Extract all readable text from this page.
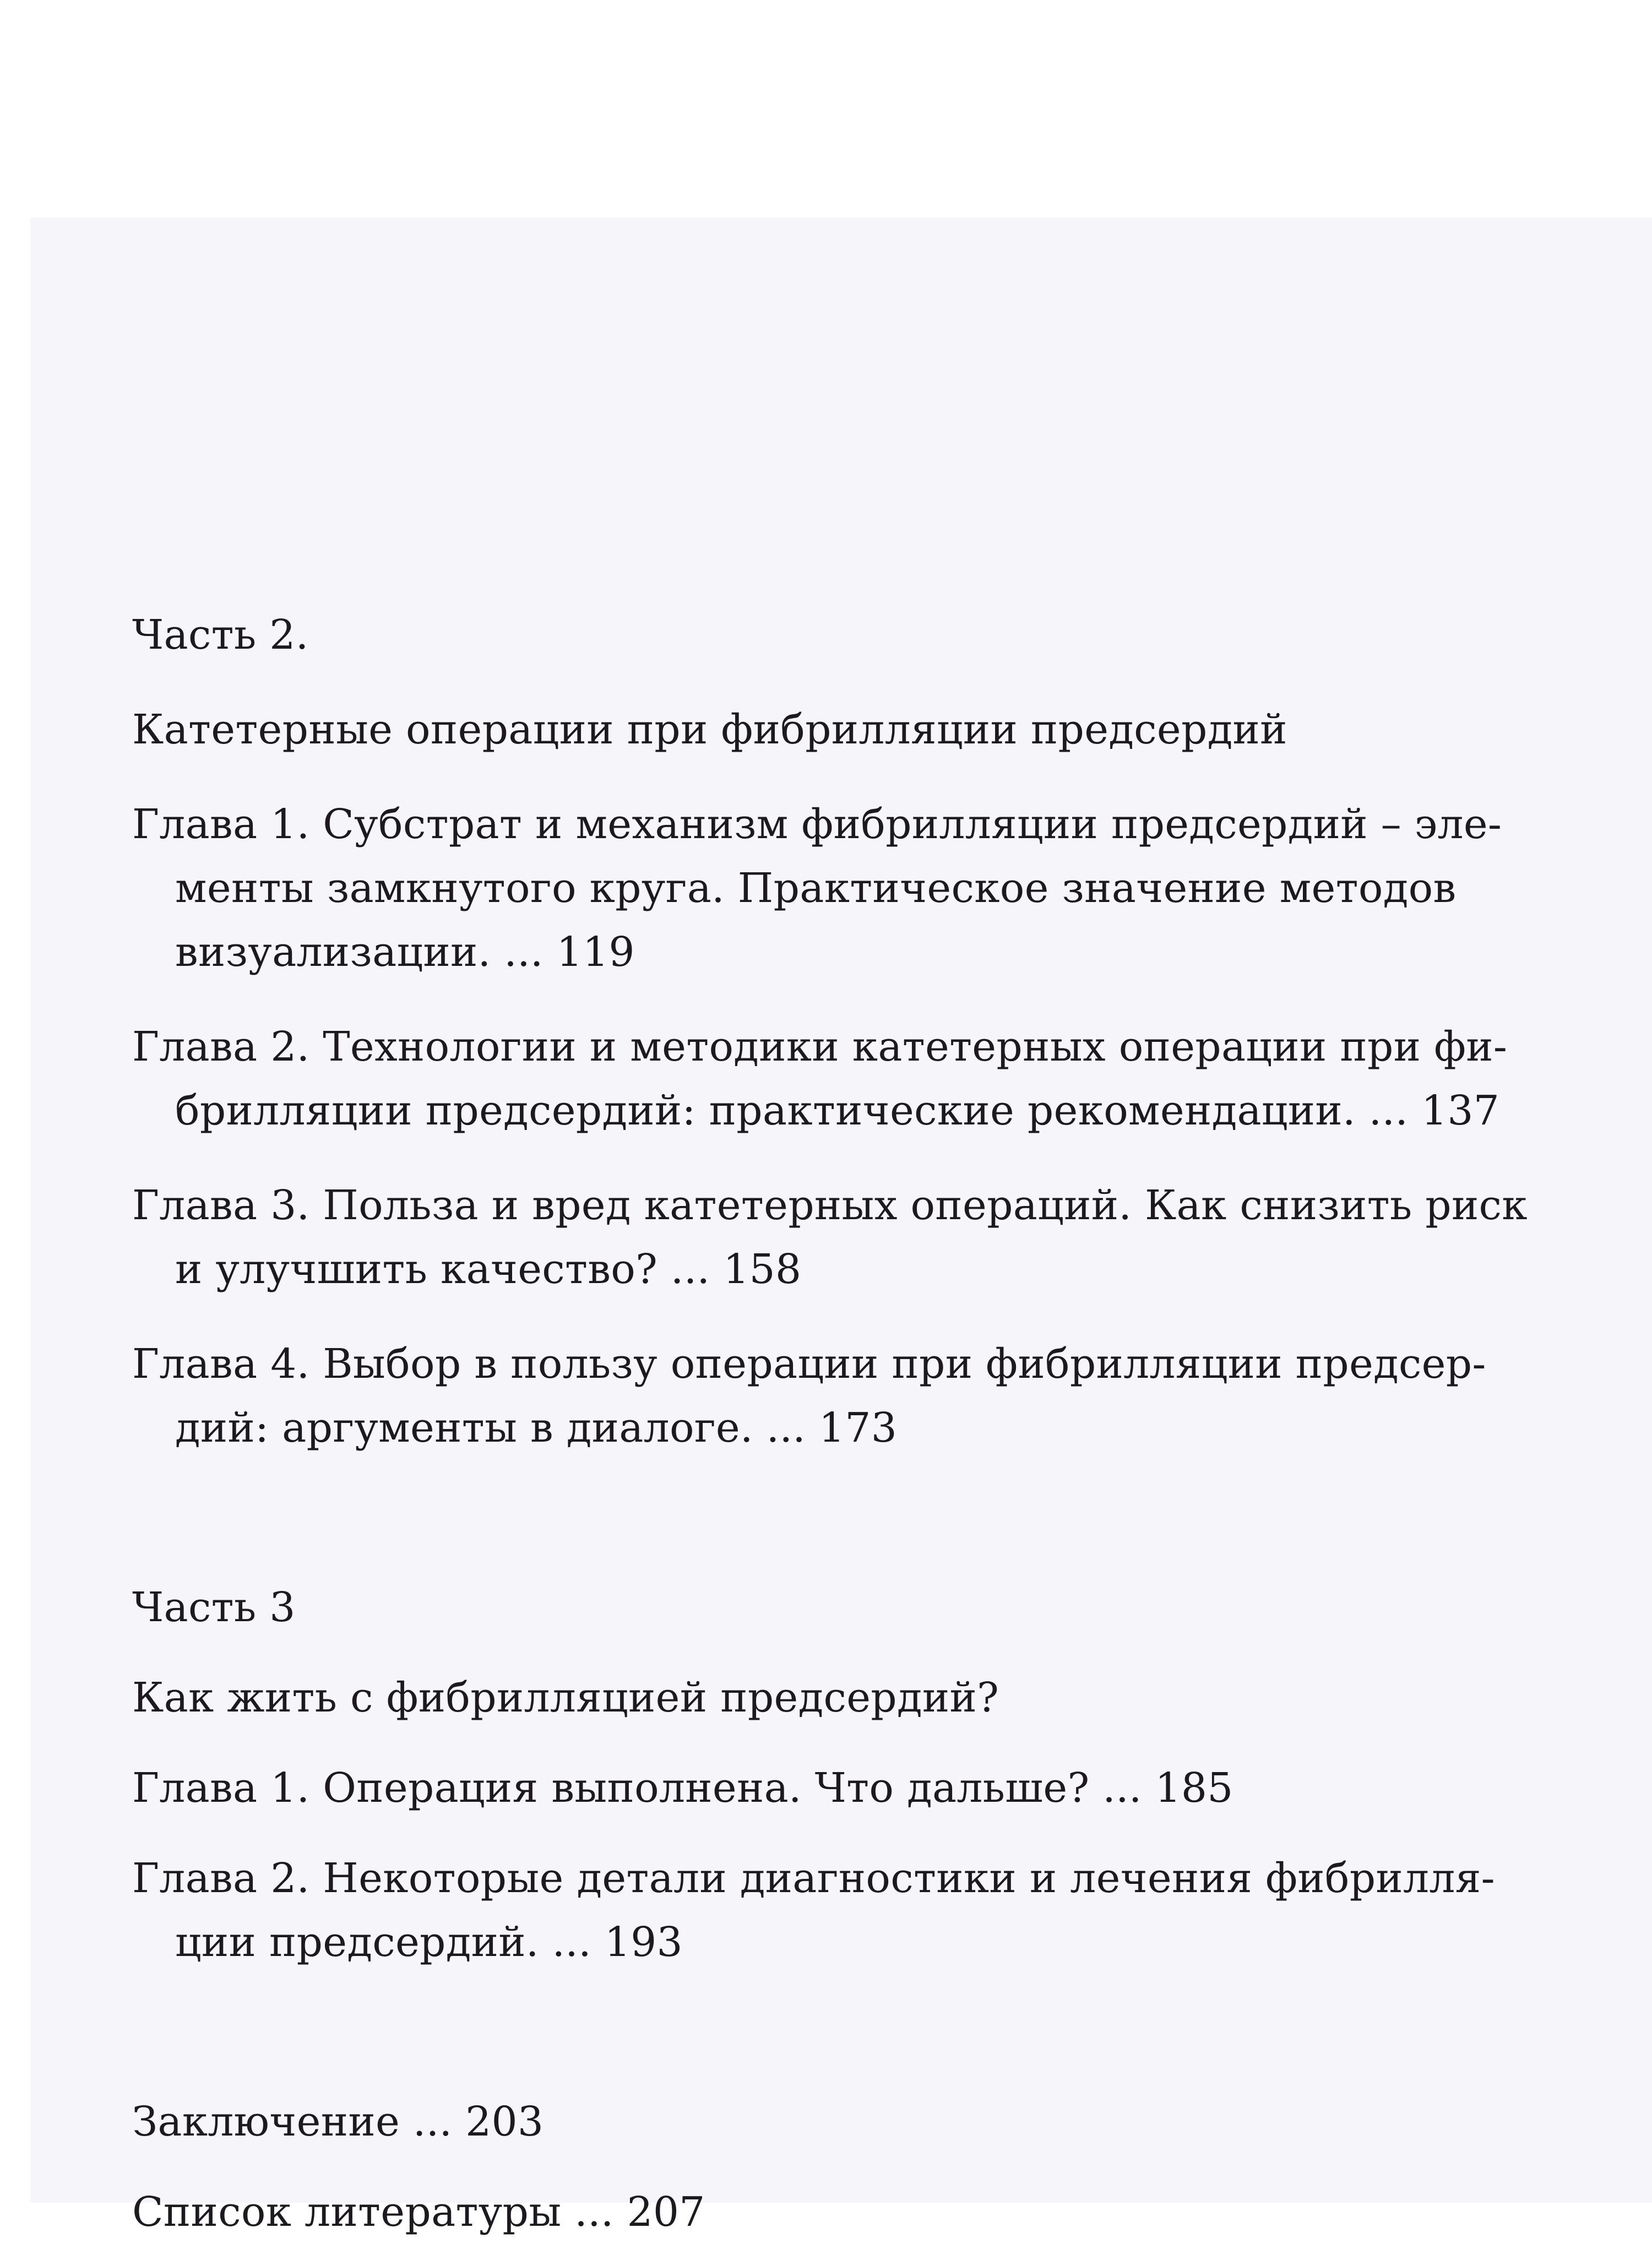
Часть 2.
Катетерные операции при фибрилляции предсердий
Глава 1. Субстрат и механизм фибрилляции предсердий – эле-
менты замкнутого круга. Практическое значение методов
визуализации. ... 119
Глава 2. Технологии и методики катетерных операции при фи-
брилляции предсердий: практические рекомендации. ... 137
Глава 3. Польза и вред катетерных операций. Как снизить риск
и улучшить качество? ... 158
Глава 4. Выбор в пользу операции при фибрилляции предсер-
дий: аргументы в диалоге. ... 173
Часть 3
Как жить с фибрилляцией предсердий?
Глава 1. Операция выполнена. Что дальше? ... 185
Глава 2. Некоторые детали диагностики и лечения фибрилля-
ции предсердий. ... 193
Заключение ... 203
Список литературы ... 207
